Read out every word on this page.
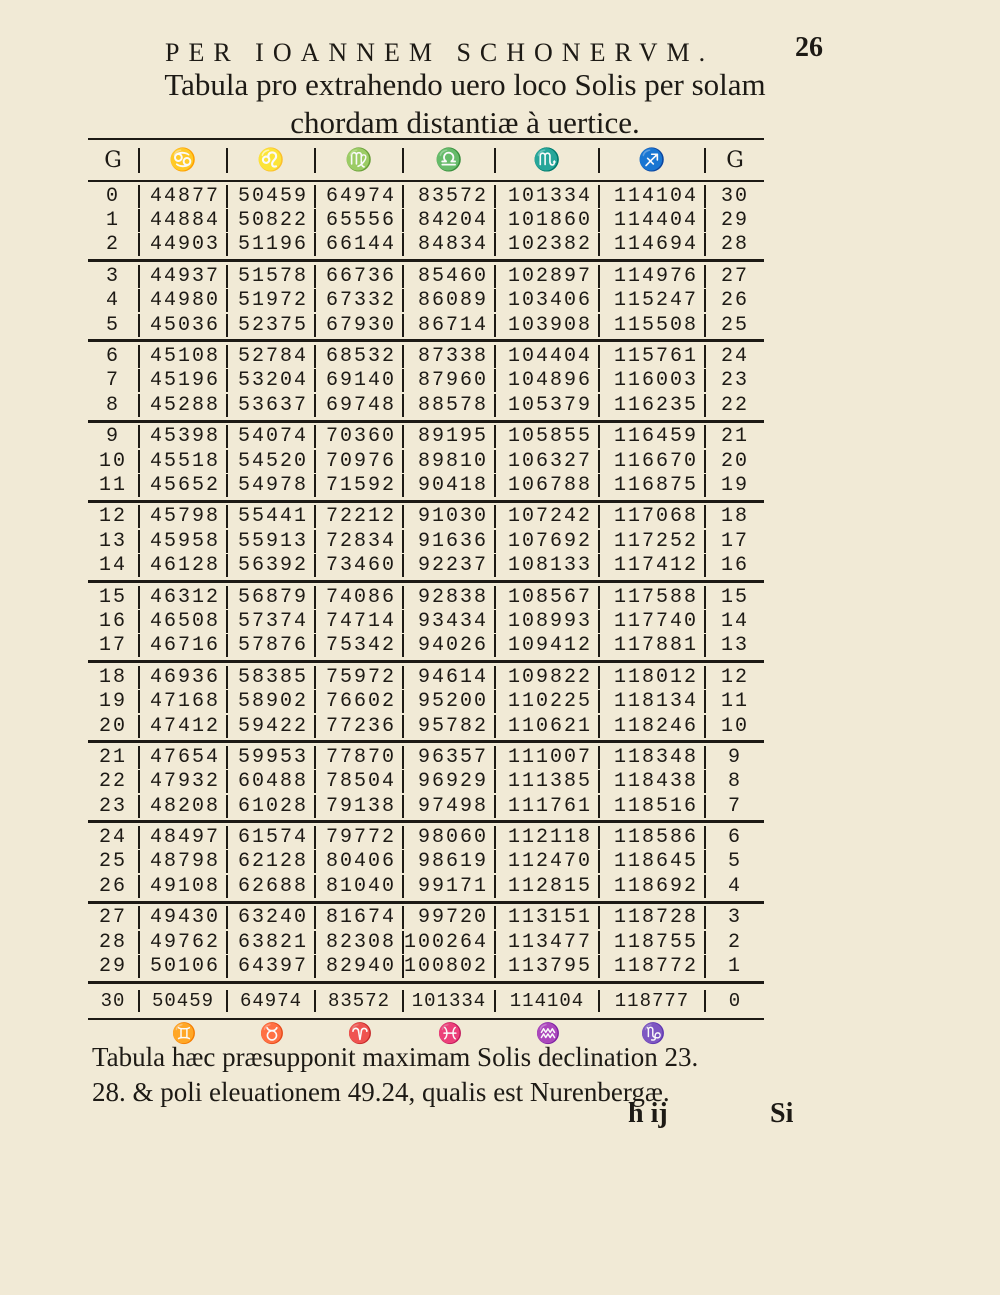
PER IOANNEM SCHONERVM.	26
Tabula pro extrahendo uero loco Solis per solam
chordam distantiæ à uertice.
G	♋	♌	♍	♎	♏	♐	G
0	44877 50459 64974	83572 101334	114104	30
1	44884 50822 65556	84204 101860	114404	29
2	44903 51196 66144	84834 102382	114694	28
3	44937 51578 66736	85460 102897	114976	27
4	44980 51972 67332	86089 103406	115247	26
5	45036 52375 67930	86714 103908	115508	25
6	45108 52784 68532	87338 104404	115761	24
7	45196 53204 69140	87960 104896	116003	23
8	45288 53637 69748	88578 105379	116235	22
9	45398 54074 70360	89195 105855	116459	21
10	45518 54520 70976	89810 106327	116670	20
11	45652 54978 71592	90418 106788	116875	19
12	45798 55441 72212	91030 107242	117068	18
13	45958 55913 72834	91636 107692	117252	17
14	46128 56392 73460	92237 108133	117412	16
15	46312 56879 74086	92838 108567	117588	15
16	46508 57374 74714	93434 108993	117740	14
17	46716 57876 75342	94026 109412	117881	13
18	46936 58385 75972	94614 109822	118012	12
19	47168 58902 76602	95200 110225	118134	11
20	47412 59422 77236	95782 110621	118246	10
21	47654 59953 77870	96357 111007	118348	9
22	47932 60488 78504	96929 111385	118438	8
23	48208 61028 79138	97498 111761	118516	7
24	48497 61574 79772	98060 112118	118586	6
25	48798 62128 80406	98619 112470	118645	5
26	49108 62688 81040	99171 112815	118692	4
27	49430 63240 81674	99720 113151	118728	3
28	49762 63821 82308 100264 113477	118755	2
29	50106 64397 82940 100802 113795	118772	1
30	50459	64974	83572	101334	114104	118777	0
♊	♉	♈	♓	♒	♑
Tabula hæc præsupponit maximam Solis declination 23.
28. & poli eleuationem 49.24, qualis est Nurenbergæ.
h ij	Si
